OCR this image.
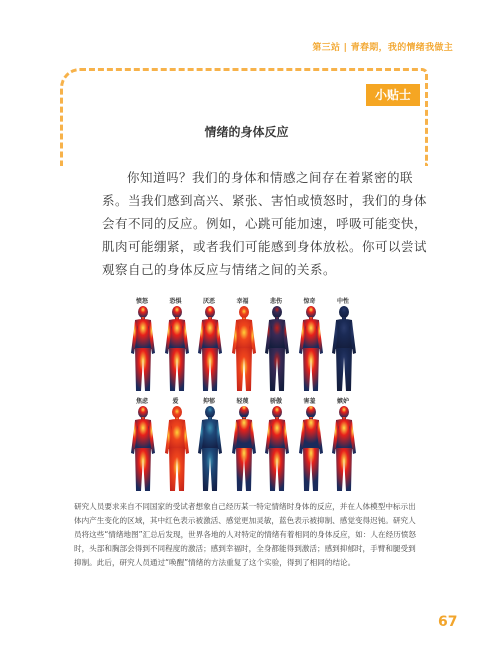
第三站 | 青春期，我的情绪我做主
小贴士
情绪的身体反应
你知道吗？我们的身体和情感之间存在着紧密的联系。当我们感到高兴、紧张、害怕或愤怒时，我们的身体会有不同的反应。例如，心跳可能加速，呼吸可能变快，肌肉可能绷紧，或者我们可能感到身体放松。你可以尝试观察自己的身体反应与情绪之间的关系。
愤怒	恐惧	厌恶	幸福	悲伤	惊奇	中性
焦虑	爱	抑郁	轻蔑	骄傲	害羞	嫉妒
研究人员要求来自不同国家的受试者想象自己经历某一特定情绪时身体的反应，并在人体模型中标示出体内产生变化的区域，其中红色表示被激活、感觉更加灵敏，蓝色表示被抑制、感觉变得迟钝。研究人员将这些“情绪地图”汇总后发现，世界各地的人对特定的情绪有着相同的身体反应，如：人在经历愤怒时，头部和胸部会得到不同程度的激活；感到幸福时，全身都能得到激活；感到抑郁时，手臂和腿受到抑制。此后，研究人员通过“唤醒”情绪的方法重复了这个实验，得到了相同的结论。
67
